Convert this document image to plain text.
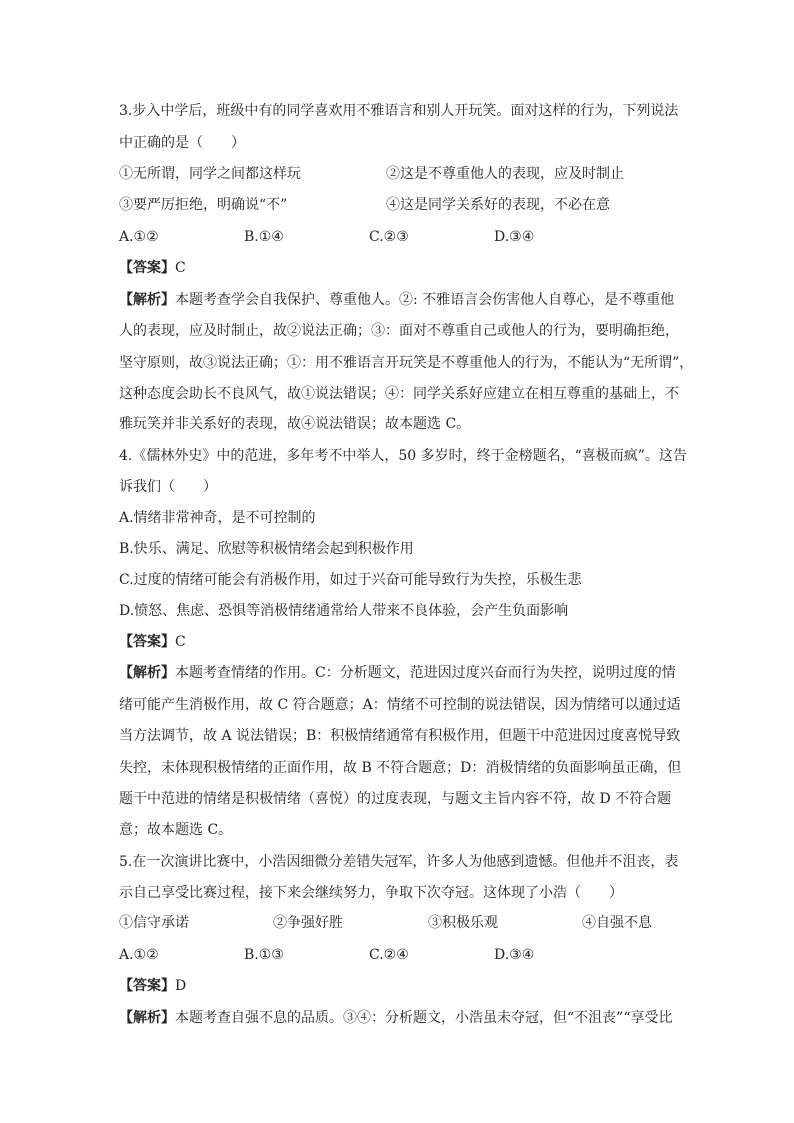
3.步入中学后，班级中有的同学喜欢用不雅语言和别人开玩笑。面对这样的行为，下列说法
中正确的是（　　）
①无所谓，同学之间都这样玩	②这是不尊重他人的表现，应及时制止
③要严厉拒绝，明确说“不”	④这是同学关系好的表现，不必在意
A.①②	B.①④	C.②③	D.③④
【答案】C
【解析】本题考查学会自我保护、尊重他人。②: 不雅语言会伤害他人自尊心，是不尊重他
人的表现，应及时制止，故②说法正确；③：面对不尊重自己或他人的行为，要明确拒绝，
坚守原则，故③说法正确；①：用不雅语言开玩笑是不尊重他人的行为，不能认为“无所谓”，
这种态度会助长不良风气，故①说法错误；④：同学关系好应建立在相互尊重的基础上，不
雅玩笑并非关系好的表现，故④说法错误；故本题选 C。
4.《儒林外史》中的范进，多年考不中举人，50 多岁时，终于金榜题名，“喜极而疯”。这告
诉我们（　　）
A.情绪非常神奇，是不可控制的
B.快乐、满足、欣慰等积极情绪会起到积极作用
C.过度的情绪可能会有消极作用，如过于兴奋可能导致行为失控，乐极生悲
D.愤怒、焦虑、恐惧等消极情绪通常给人带来不良体验，会产生负面影响
【答案】C
【解析】本题考查情绪的作用。C：分析题文，范进因过度兴奋而行为失控，说明过度的情
绪可能产生消极作用，故 C 符合题意；A：情绪不可控制的说法错误，因为情绪可以通过适
当方法调节，故 A 说法错误；B：积极情绪通常有积极作用，但题干中范进因过度喜悦导致
失控，未体现积极情绪的正面作用，故 B 不符合题意；D：消极情绪的负面影响虽正确，但
题干中范进的情绪是积极情绪（喜悦）的过度表现，与题文主旨内容不符，故 D 不符合题
意；故本题选 C。
5.在一次演讲比赛中，小浩因细微分差错失冠军，许多人为他感到遗憾。但他并不沮丧，表
示自己享受比赛过程，接下来会继续努力，争取下次夺冠。这体现了小浩（　　）
①信守承诺	②争强好胜	③积极乐观	④自强不息
A.①②	B.①③	C.②④	D.③④
【答案】D
【解析】本题考查自强不息的品质。③④：分析题文，小浩虽未夺冠，但“不沮丧”“享受比
